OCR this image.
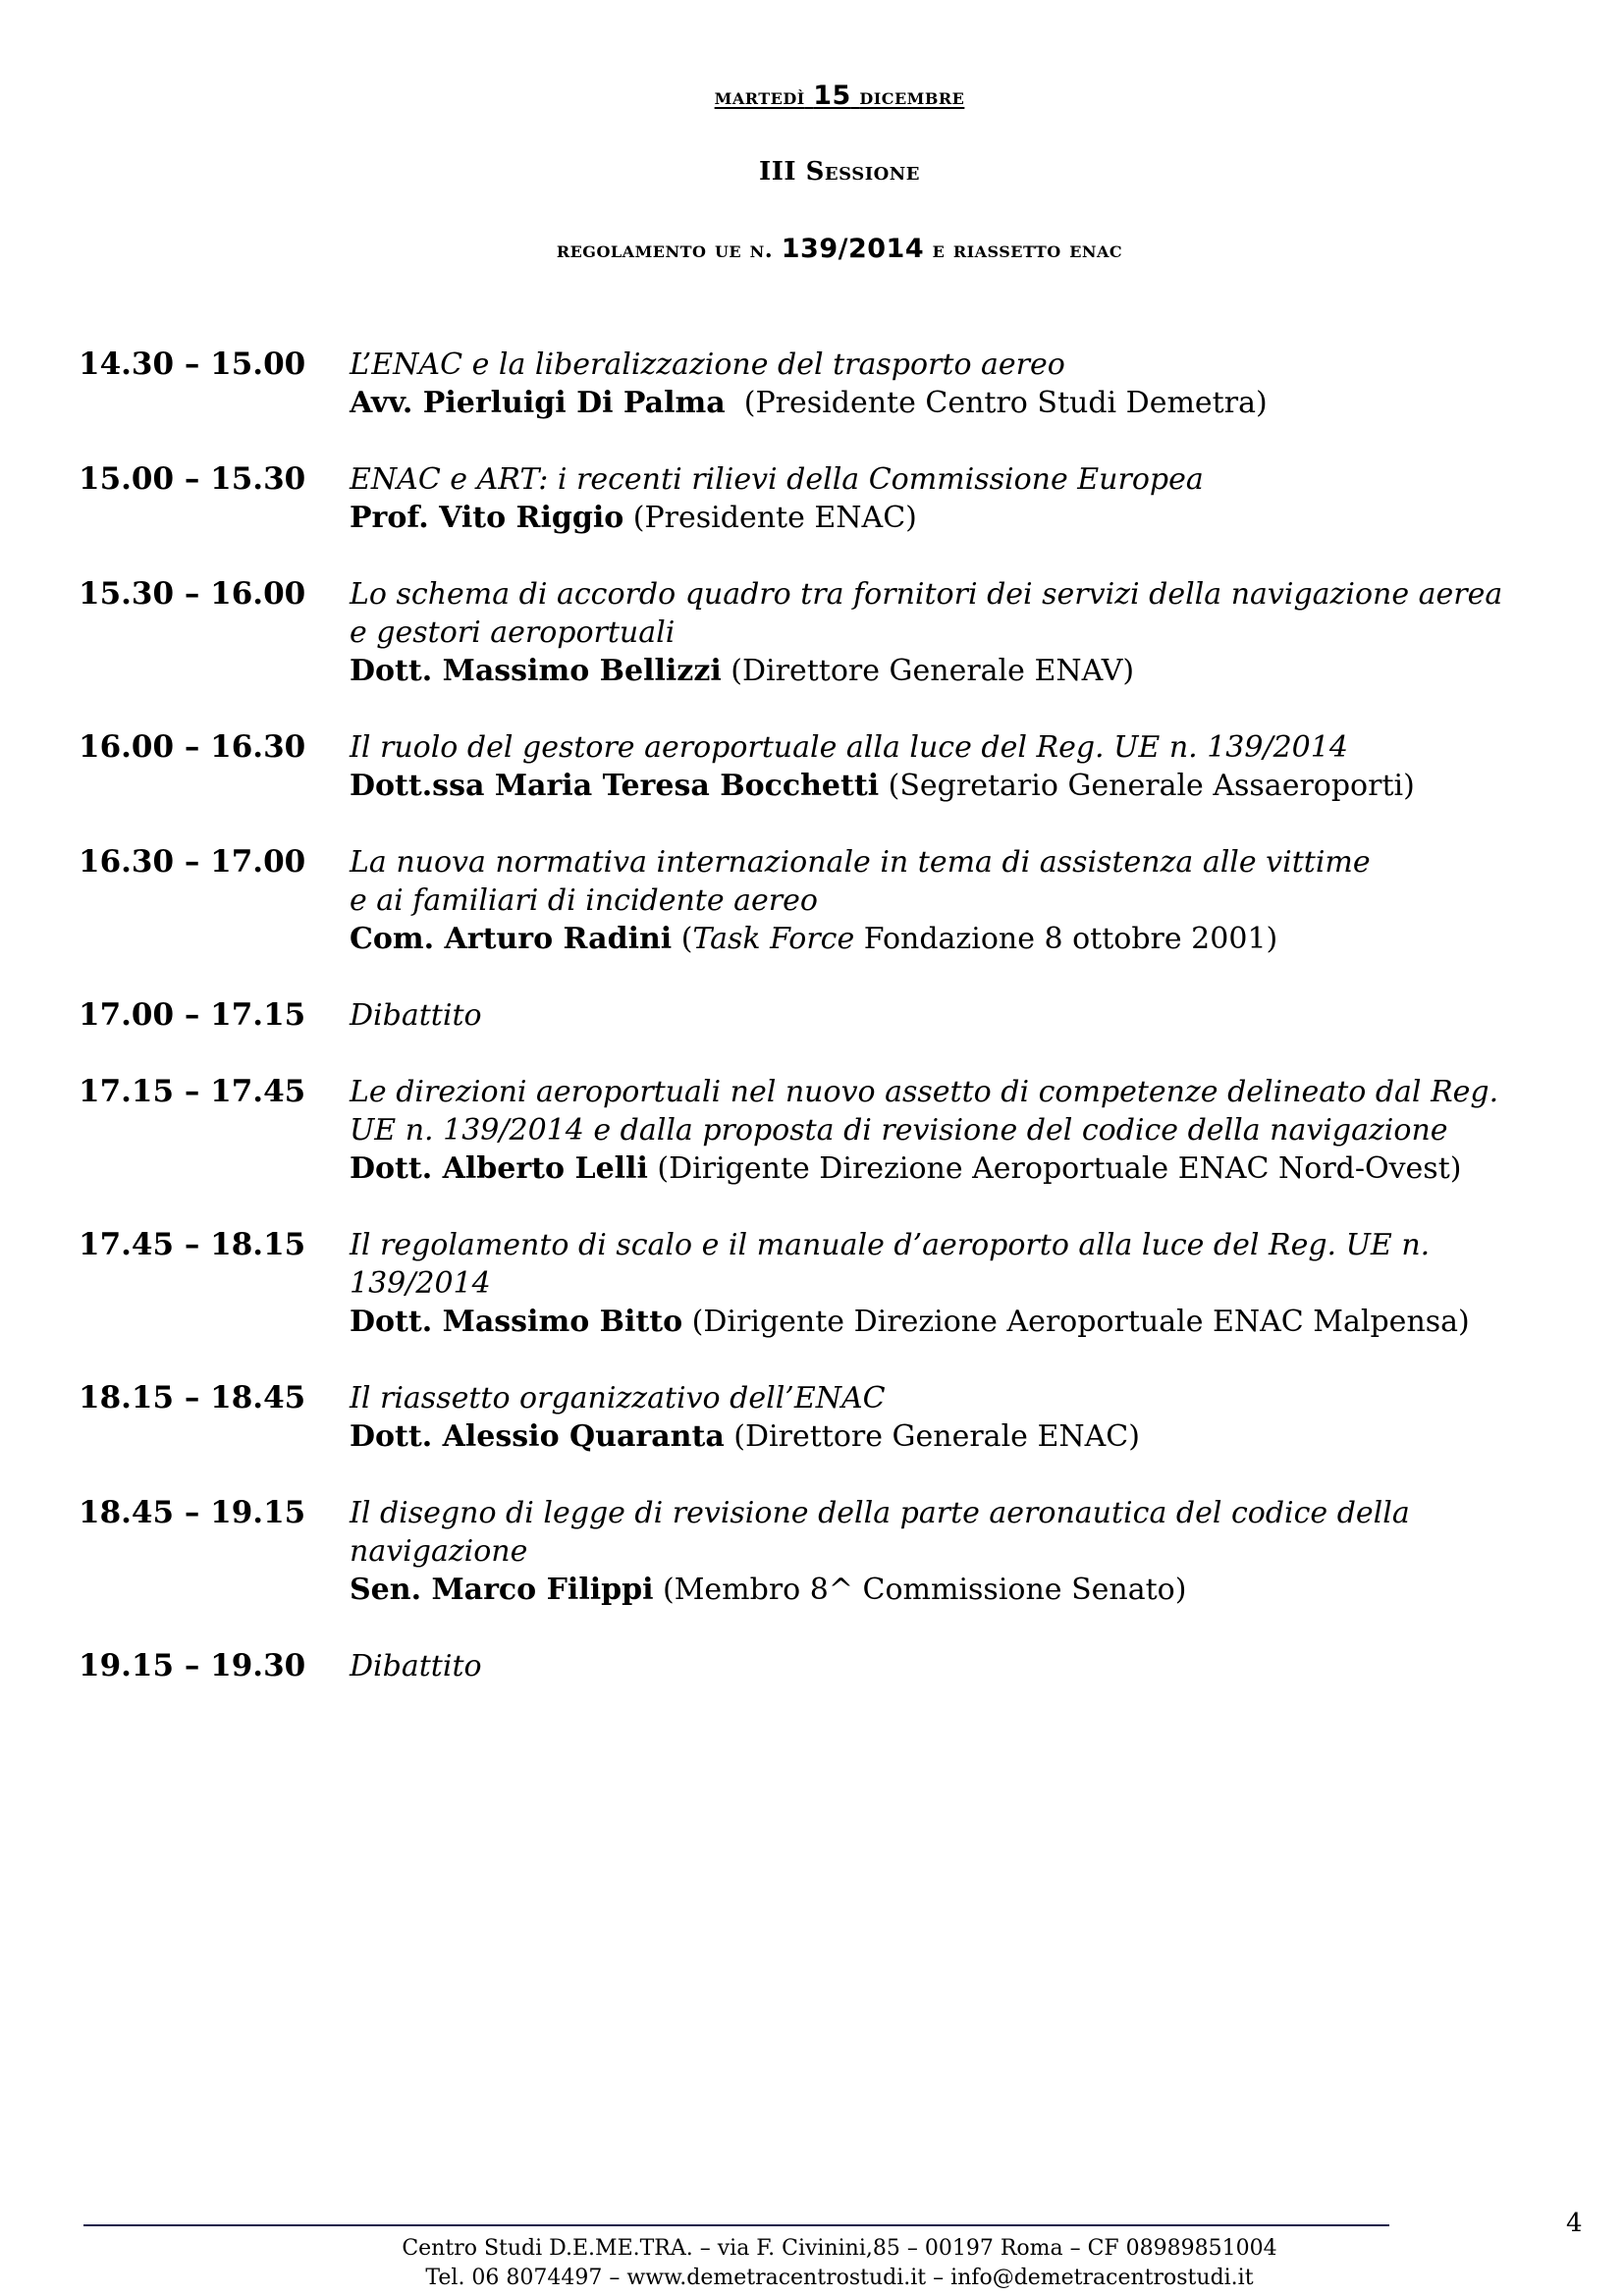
martedì 15 dicembre
III Sessione
regolamento ue n. 139/2014 e riassetto enac
14.30 – 15.00	L’ENAC e la liberalizzazione del trasporto aereo
Avv. Pierluigi Di Palma  (Presidente Centro Studi Demetra)
15.00 – 15.30	ENAC e ART: i recenti rilievi della Commissione Europea
Prof. Vito Riggio (Presidente ENAC)
15.30 – 16.00	Lo schema di accordo quadro tra fornitori dei servizi della navigazione aerea
e gestori aeroportuali
Dott. Massimo Bellizzi (Direttore Generale ENAV)
16.00 – 16.30	Il ruolo del gestore aeroportuale alla luce del Reg. UE n. 139/2014
Dott.ssa Maria Teresa Bocchetti (Segretario Generale Assaeroporti)
16.30 – 17.00	La nuova normativa internazionale in tema di assistenza alle vittime
e ai familiari di incidente aereo
Com. Arturo Radini (Task Force Fondazione 8 ottobre 2001)
17.00 – 17.15	Dibattito
17.15 – 17.45	Le direzioni aeroportuali nel nuovo assetto di competenze delineato dal Reg.
UE n. 139/2014 e dalla proposta di revisione del codice della navigazione
Dott. Alberto Lelli (Dirigente Direzione Aeroportuale ENAC Nord-Ovest)
17.45 – 18.15	Il regolamento di scalo e il manuale d’aeroporto alla luce del Reg. UE n.
139/2014
Dott. Massimo Bitto (Dirigente Direzione Aeroportuale ENAC Malpensa)
18.15 – 18.45	Il riassetto organizzativo dell’ENAC
Dott. Alessio Quaranta (Direttore Generale ENAC)
18.45 – 19.15	Il disegno di legge di revisione della parte aeronautica del codice della
navigazione
Sen. Marco Filippi (Membro 8^ Commissione Senato)
19.15 – 19.30	Dibattito
4
Centro Studi D.E.ME.TRA. – via F. Civinini,85 – 00197 Roma – CF 08989851004
Tel. 06 8074497 – www.demetracentrostudi.it – info@demetracentrostudi.it
